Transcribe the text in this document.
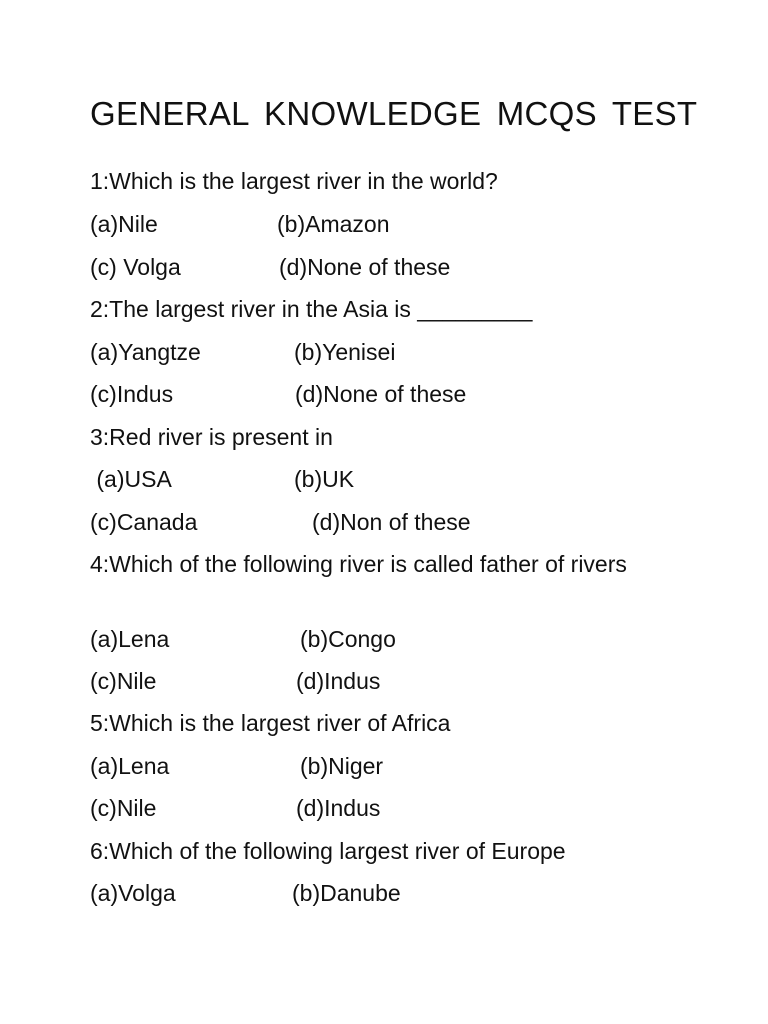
GENERAL KNOWLEDGE MCQS TEST
1:Which is the largest river in the world?
(a)Nile	(b)Amazon
(c) Volga	(d)None of these
2:The largest river in the Asia is _________
(a)Yangtze	(b)Yenisei
(c)Indus	(d)None of these
3:Red river is present in
(a)USA	(b)UK
(c)Canada	(d)Non of these
4:Which of the following river is called father of rivers
(a)Lena	(b)Congo
(c)Nile	(d)Indus
5:Which is the largest river of Africa
(a)Lena	(b)Niger
(c)Nile	(d)Indus
6:Which of the following largest river of Europe
(a)Volga	(b)Danube
